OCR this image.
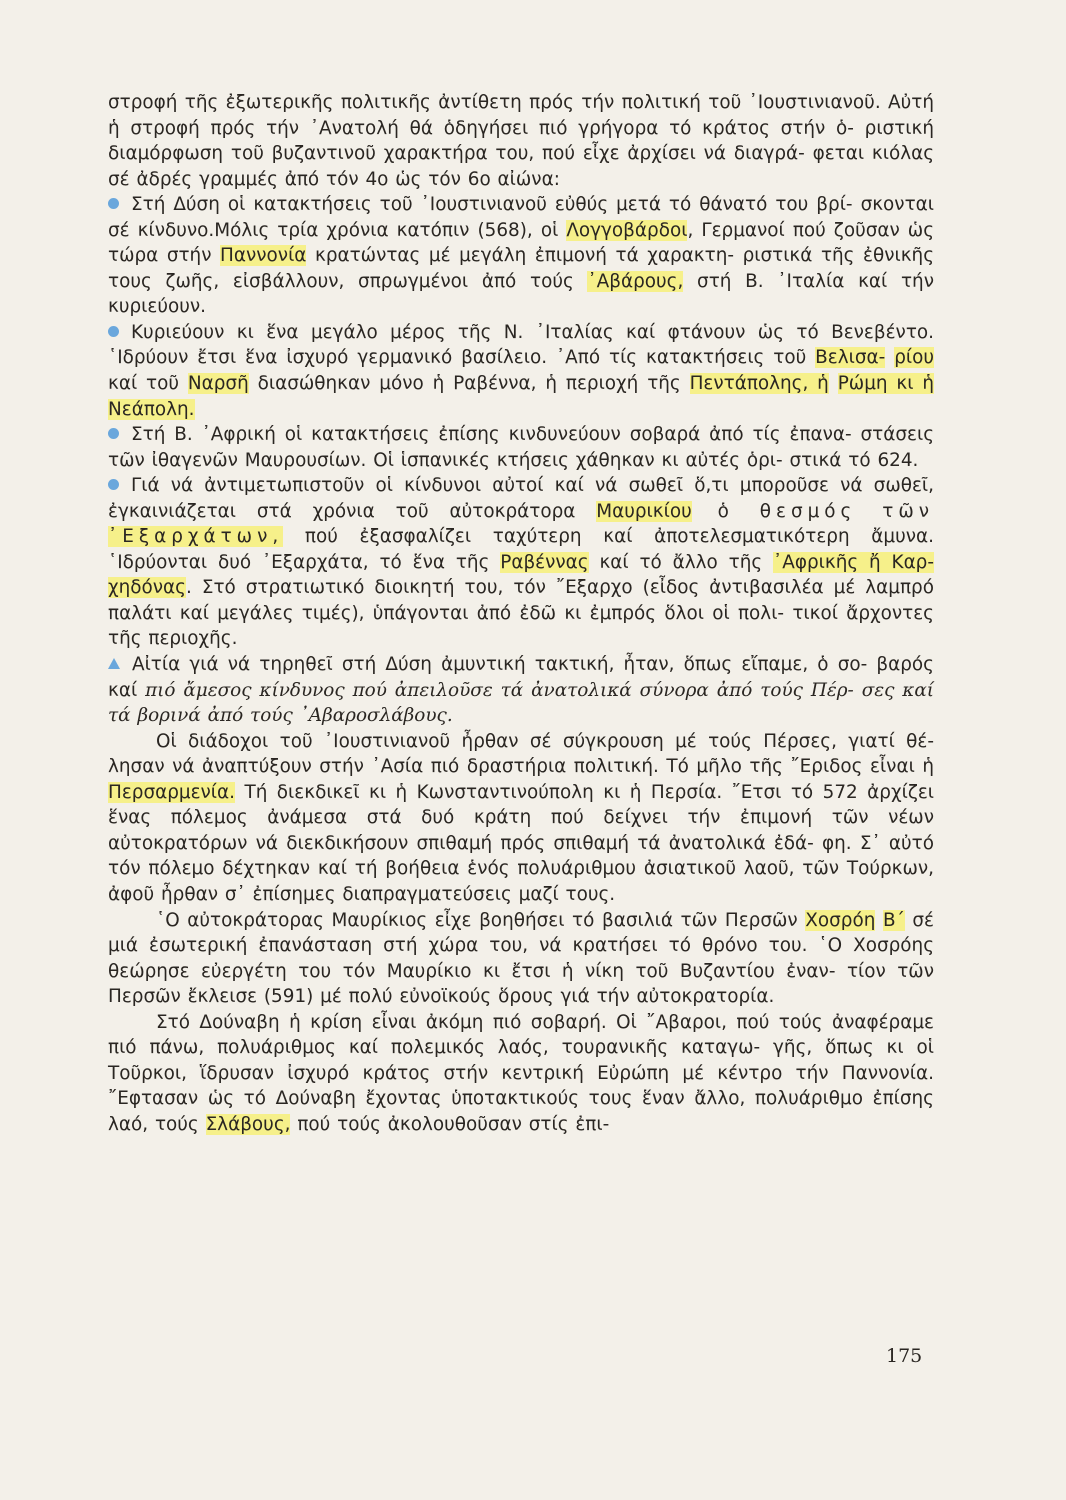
στροφή τῆς ἐξωτερικῆς πολιτικῆς ἀντίθετη πρός τήν πολιτική τοῦ ᾿Ιουστινιανοῦ. Αὐτή ἡ στροφή πρός τήν ᾿Ανατολή θά ὁδηγήσει πιό γρήγορα τό κράτος στήν ὁ- ριστική διαμόρφωση τοῦ βυζαντινοῦ χαρακτήρα του, πού εἶχε ἀρχίσει νά διαγρά- φεται κιόλας σέ ἀδρές γραμμές ἀπό τόν 4ο ὡς τόν 6ο αἰώνα:

Στή Δύση οἱ κατακτήσεις τοῦ ᾿Ιουστινιανοῦ εὐθύς μετά τό θάνατό του βρί- σκονται σέ κίνδυνο.Μόλις τρία χρόνια κατόπιν (568), οἱ Λογγοβάρδοι, Γερμανοί πού ζοῦσαν ὡς τώρα στήν Παννονία κρατώντας μέ μεγάλη ἐπιμονή τά χαρακτη- ριστικά τῆς ἐθνικῆς τους ζωῆς, εἰσβάλλουν, σπρωγμένοι ἀπό τούς ᾿Αβάρους, στή Β. ᾿Ιταλία καί τήν κυριεύουν.

Κυριεύουν κι ἕνα μεγάλο μέρος τῆς Ν. ᾿Ιταλίας καί φτάνουν ὡς τό Βενεβέντο. ῾Ιδρύουν ἔτσι ἕνα ἰσχυρό γερμανικό βασίλειο. ᾿Από τίς κατακτήσεις τοῦ Βελισα- ρίου καί τοῦ Ναρσῆ διασώθηκαν μόνο ἡ Ραβέννα, ἡ περιοχή τῆς Πεντάπολης, ἡ Ρώμη κι ἡ Νεάπολη.

Στή Β. ᾿Αφρική οἱ κατακτήσεις ἐπίσης κινδυνεύουν σοβαρά ἀπό τίς ἐπανα- στάσεις τῶν ἰθαγενῶν Μαυρουσίων. Οἱ ἱσπανικές κτήσεις χάθηκαν κι αὐτές ὁρι- στικά τό 624.

Γιά νά ἀντιμετωπιστοῦν οἱ κίνδυνοι αὐτοί καί νά σωθεῖ ὅ,τι μποροῦσε νά σωθεῖ, ἐγκαινιάζεται στά χρόνια τοῦ αὐτοκράτορα Μαυρικίου ὁ θεσμός τῶν ᾿Εξαρχάτων, πού ἐξασφαλίζει ταχύτερη καί ἀποτελεσματικότερη ἄμυνα. ῾Ιδρύονται δυό ᾿Εξαρχάτα, τό ἕνα τῆς Ραβέννας καί τό ἄλλο τῆς ᾿Αφρικῆς ἤ Καρ- χηδόνας. Στό στρατιωτικό διοικητή του, τόν ῎Εξαρχο (εἶδος ἀντιβασιλέα μέ λαμπρό παλάτι καί μεγάλες τιμές), ὑπάγονται ἀπό ἐδῶ κι ἐμπρός ὅλοι οἱ πολι- τικοί ἄρχοντες τῆς περιοχῆς.

Αἰτία γιά νά τηρηθεῖ στή Δύση ἀμυντική τακτική, ἦταν, ὅπως εἴπαμε, ὁ σο- βαρός καί πιό ἄμεσος κίνδυνος πού ἀπειλοῦσε τά ἀνατολικά σύνορα ἀπό τούς Πέρ- σες καί τά βορινά ἀπό τούς ᾿Αβαροσλάβους.

Οἱ διάδοχοι τοῦ ᾿Ιουστινιανοῦ ἦρθαν σέ σύγκρουση μέ τούς Πέρσες, γιατί θέ- λησαν νά ἀναπτύξουν στήν ᾿Ασία πιό δραστήρια πολιτική. Τό μῆλο τῆς ῎Εριδος εἶναι ἡ Περσαρμενία. Τή διεκδικεῖ κι ἡ Κωνσταντινούπολη κι ἡ Περσία. ῎Ετσι τό 572 ἀρχίζει ἕνας πόλεμος ἀνάμεσα στά δυό κράτη πού δείχνει τήν ἐπιμονή τῶν νέων αὐτοκρατόρων νά διεκδικήσουν σπιθαμή πρός σπιθαμή τά ἀνατολικά ἐδά- φη. Σ᾿ αὐτό τόν πόλεμο δέχτηκαν καί τή βοήθεια ἑνός πολυάριθμου ἀσιατικοῦ λαοῦ, τῶν Τούρκων, ἀφοῦ ἦρθαν σ᾿ ἐπίσημες διαπραγματεύσεις μαζί τους.

῾Ο αὐτοκράτορας Μαυρίκιος εἶχε βοηθήσει τό βασιλιά τῶν Περσῶν Χοσρόη Β΄ σέ μιά ἐσωτερική ἐπανάσταση στή χώρα του, νά κρατήσει τό θρόνο του. ῾Ο Χοσρόης θεώρησε εὐεργέτη του τόν Μαυρίκιο κι ἔτσι ἡ νίκη τοῦ Βυζαντίου ἐναν- τίον τῶν Περσῶν ἔκλεισε (591) μέ πολύ εὐνοϊκούς ὅρους γιά τήν αὐτοκρατορία.

Στό Δούναβη ἡ κρίση εἶναι ἀκόμη πιό σοβαρή. Οἱ ῎Αβαροι, πού τούς ἀναφέραμε πιό πάνω, πολυάριθμος καί πολεμικός λαός, τουρανικῆς καταγω- γῆς, ὅπως κι οἱ Τοῦρκοι, ἵδρυσαν ἰσχυρό κράτος στήν κεντρική Εὐρώπη μέ κέντρο τήν Παννονία. ῎Εφτασαν ὡς τό Δούναβη ἔχοντας ὑποτακτικούς τους ἕναν ἄλλο, πολυάριθμο ἐπίσης λαό, τούς Σλάβους, πού τούς ἀκολουθοῦσαν στίς ἐπι-

175
